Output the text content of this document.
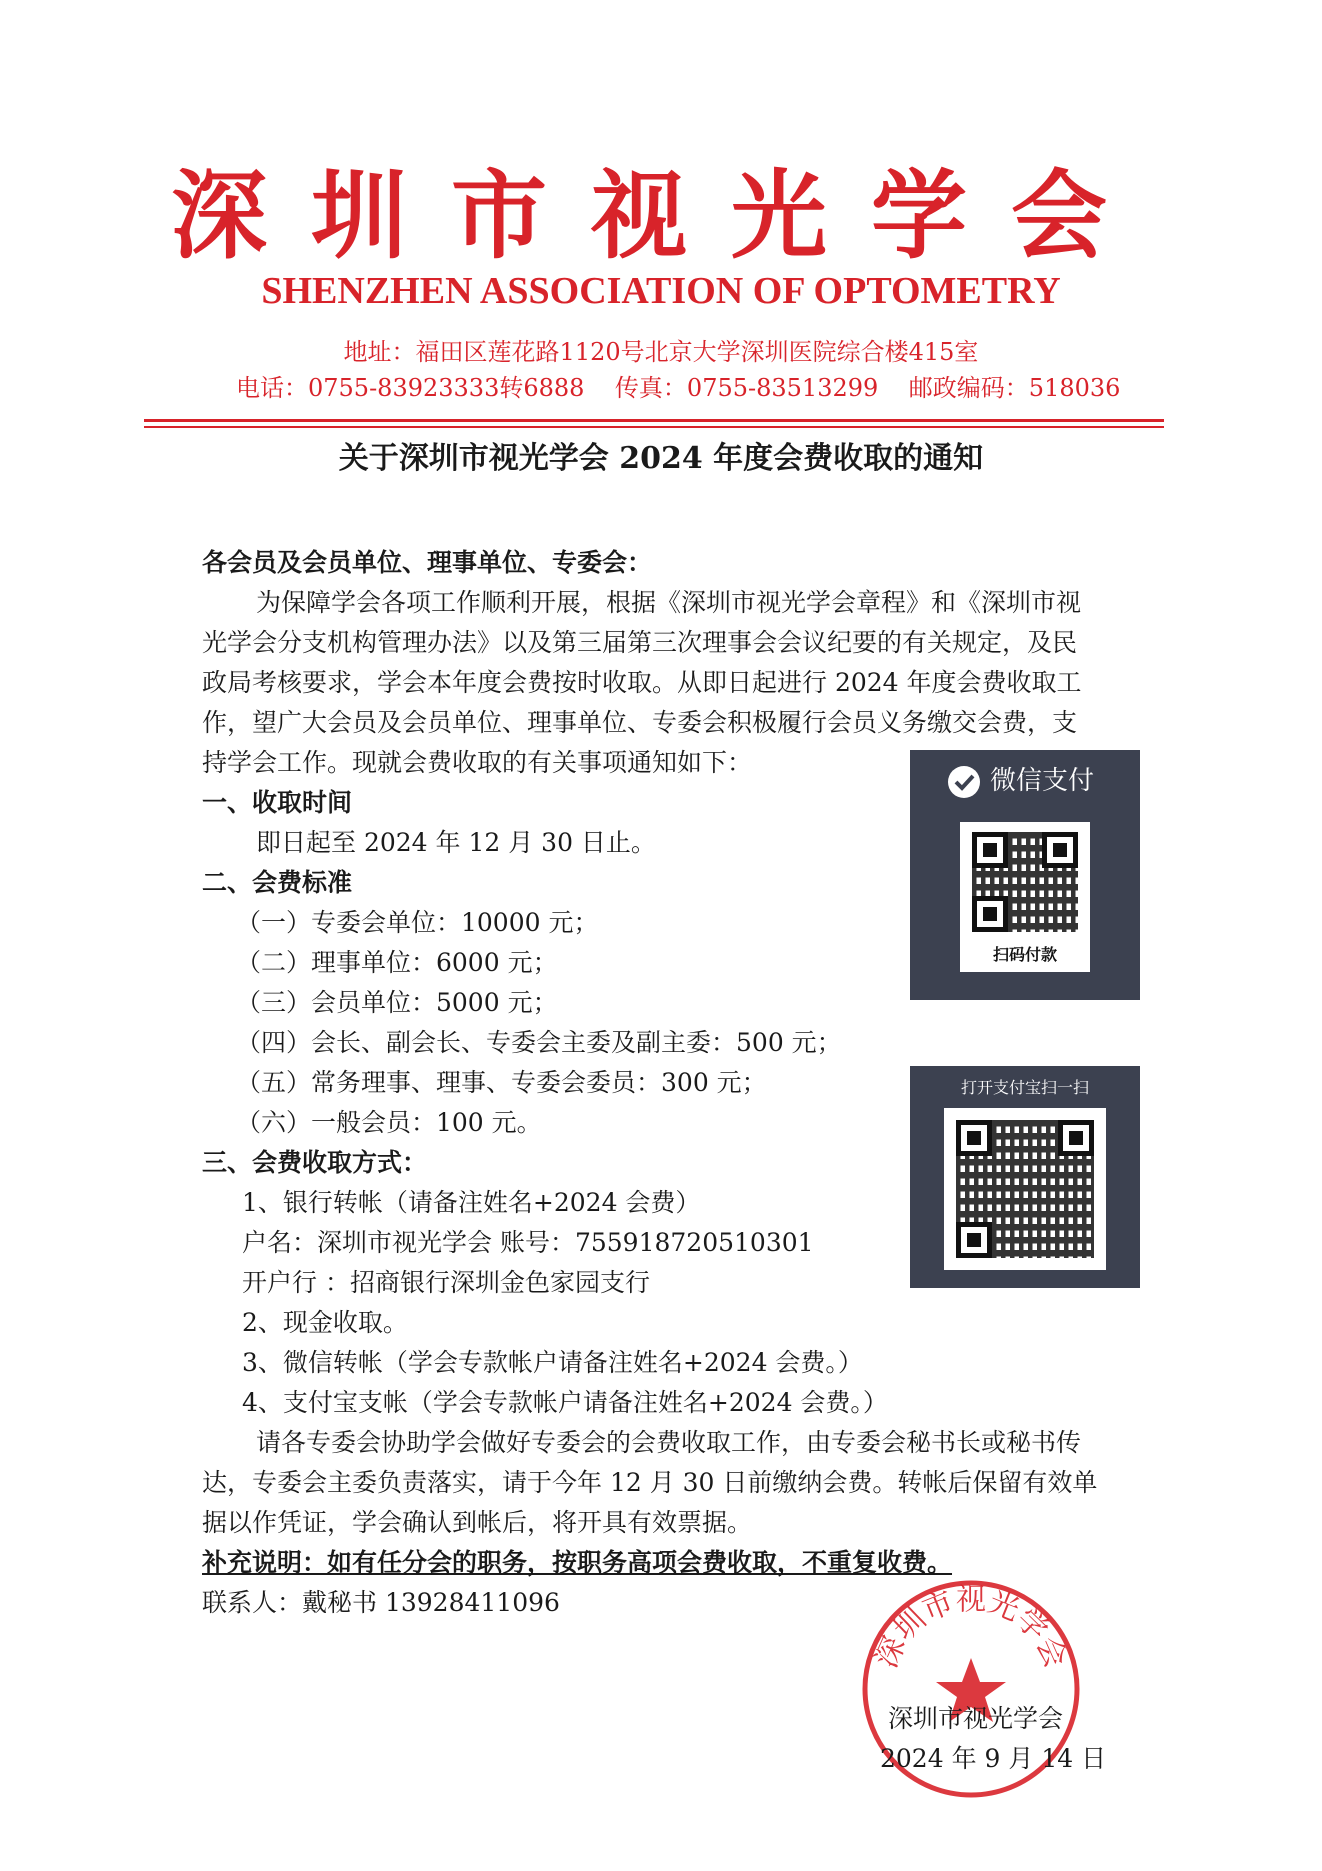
深圳市视光学会
SHENZHEN ASSOCIATION OF OPTOMETRY
地址：福田区莲花路1120号北京大学深圳医院综合楼415室
电话：0755-83923333转6888    传真：0755-83513299    邮政编码：518036
关于深圳市视光学会 2024 年度会费收取的通知
各会员及会员单位、理事单位、专委会：
为保障学会各项工作顺利开展，根据《深圳市视光学会章程》和《深圳市视
光学会分支机构管理办法》以及第三届第三次理事会会议纪要的有关规定，及民
政局考核要求，学会本年度会费按时收取。从即日起进行 2024 年度会费收取工
作，望广大会员及会员单位、理事单位、专委会积极履行会员义务缴交会费，支
持学会工作。现就会费收取的有关事项通知如下：
一、收取时间
即日起至 2024 年 12 月 30 日止。
二、会费标准
（一）专委会单位：10000 元；
（二）理事单位：6000 元；
（三）会员单位：5000 元；
（四）会长、副会长、专委会主委及副主委：500 元；
（五）常务理事、理事、专委会委员：300 元；
（六）一般会员：100 元。
三、会费收取方式：
1、银行转帐（请备注姓名+2024 会费）
户名：深圳市视光学会 账号：755918720510301
开户行 ：招商银行深圳金色家园支行
2、现金收取。
3、微信转帐（学会专款帐户请备注姓名+2024 会费。）
4、支付宝支帐（学会专款帐户请备注姓名+2024 会费。）
请各专委会协助学会做好专委会的会费收取工作，由专委会秘书长或秘书传
达，专委会主委负责落实，请于今年 12 月 30 日前缴纳会费。转帐后保留有效单
据以作凭证，学会确认到帐后，将开具有效票据。
补充说明：如有任分会的职务，按职务高项会费收取，不重复收费。
联系人：戴秘书 13928411096
微信支付
扫码付款
打开支付宝扫一扫
深圳市视光学会
深圳市视光学会
2024 年 9 月 14 日
